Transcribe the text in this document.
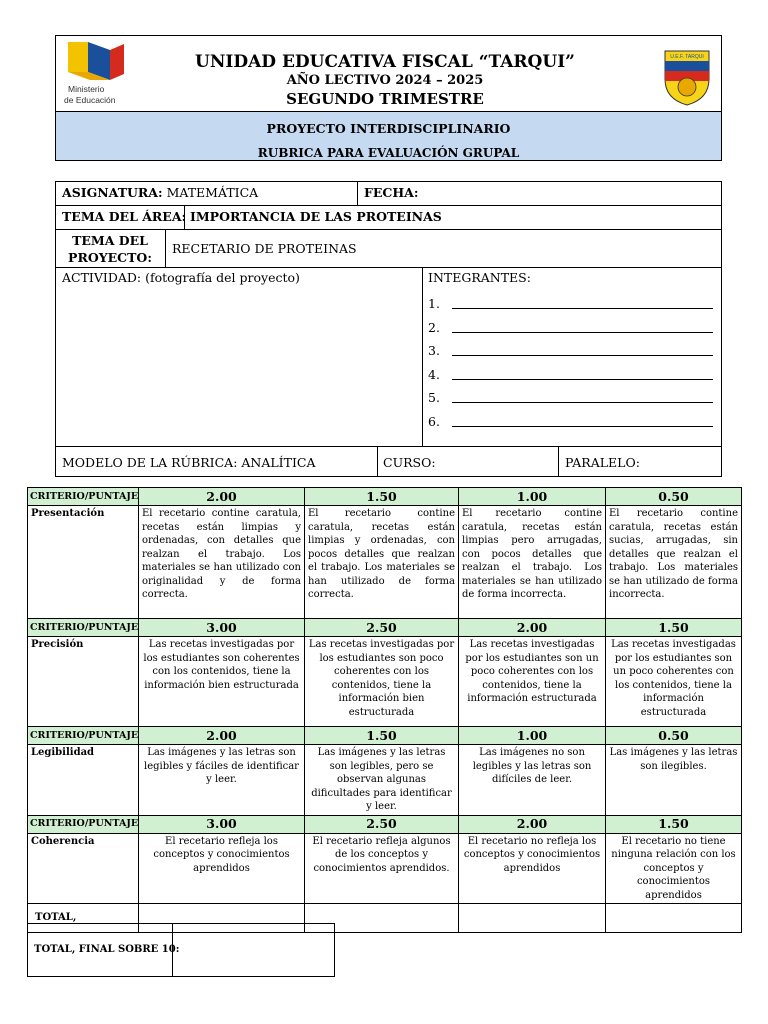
Ministerio
de Educación
UNIDAD EDUCATIVA FISCAL “TARQUI”
AÑO LECTIVO 2024 – 2025
SEGUNDO TRIMESTRE
U.E.F. TARQUI
PROYECTO INTERDISCIPLINARIO
RUBRICA PARA EVALUACIÓN GRUPAL
ASIGNATURA: MATEMÁTICA	FECHA:
TEMA DEL ÁREA: IMPORTANCIA DE LAS PROTEINAS
TEMA DEL
PROYECTO:
RECETARIO DE PROTEINAS
ACTIVIDAD: (fotografía del proyecto)	INTEGRANTES:
1.
2.
3.
4.
5.
6.
MODELO DE LA RÚBRICA: ANALÍTICA	CURSO:	PARALELO:
CRITERIO/PUNTAJE	2.00	1.50	1.00	0.50
Presentación	El recetario contine caratula, recetas están limpias y ordenadas, con detalles que realzan el trabajo. Los materiales se han utilizado con originalidad y de forma correcta.	El recetario contine caratula, recetas están limpias y ordenadas, con pocos detalles que realzan el trabajo. Los materiales se han utilizado de forma correcta.	El recetario contine caratula, recetas están limpias pero arrugadas, con pocos detalles que realzan el trabajo. Los materiales se han utilizado de forma incorrecta.	El recetario contine caratula, recetas están sucias, arrugadas, sin detalles que realzan el trabajo. Los materiales se han utilizado de forma incorrecta.
CRITERIO/PUNTAJE	3.00	2.50	2.00	1.50
Precisión	Las recetas investigadas por los estudiantes son coherentes con los contenidos, tiene la información bien estructurada	Las recetas investigadas por los estudiantes son poco coherentes con los contenidos, tiene la información bien estructurada	Las recetas investigadas por los estudiantes son un poco coherentes con los contenidos, tiene la información estructurada	Las recetas investigadas por los estudiantes son un poco coherentes con los contenidos, tiene la información estructurada
CRITERIO/PUNTAJE	2.00	1.50	1.00	0.50
Legibilidad	Las imágenes y las letras son legibles y fáciles de identificar y leer.	Las imágenes y las letras son legibles, pero se observan algunas dificultades para identificar y leer.	Las imágenes no son legibles y las letras son difíciles de leer.	Las imágenes y las letras son ilegibles.
CRITERIO/PUNTAJE	3.00	2.50	2.00	1.50
Coherencia	El recetario refleja los conceptos y conocimientos aprendidos	El recetario refleja algunos de los conceptos y conocimientos aprendidos.	El recetario no refleja los conceptos y conocimientos aprendidos	El recetario no tiene ninguna relación con los conceptos y conocimientos aprendidos
TOTAL,				
TOTAL, FINAL SOBRE 10:
